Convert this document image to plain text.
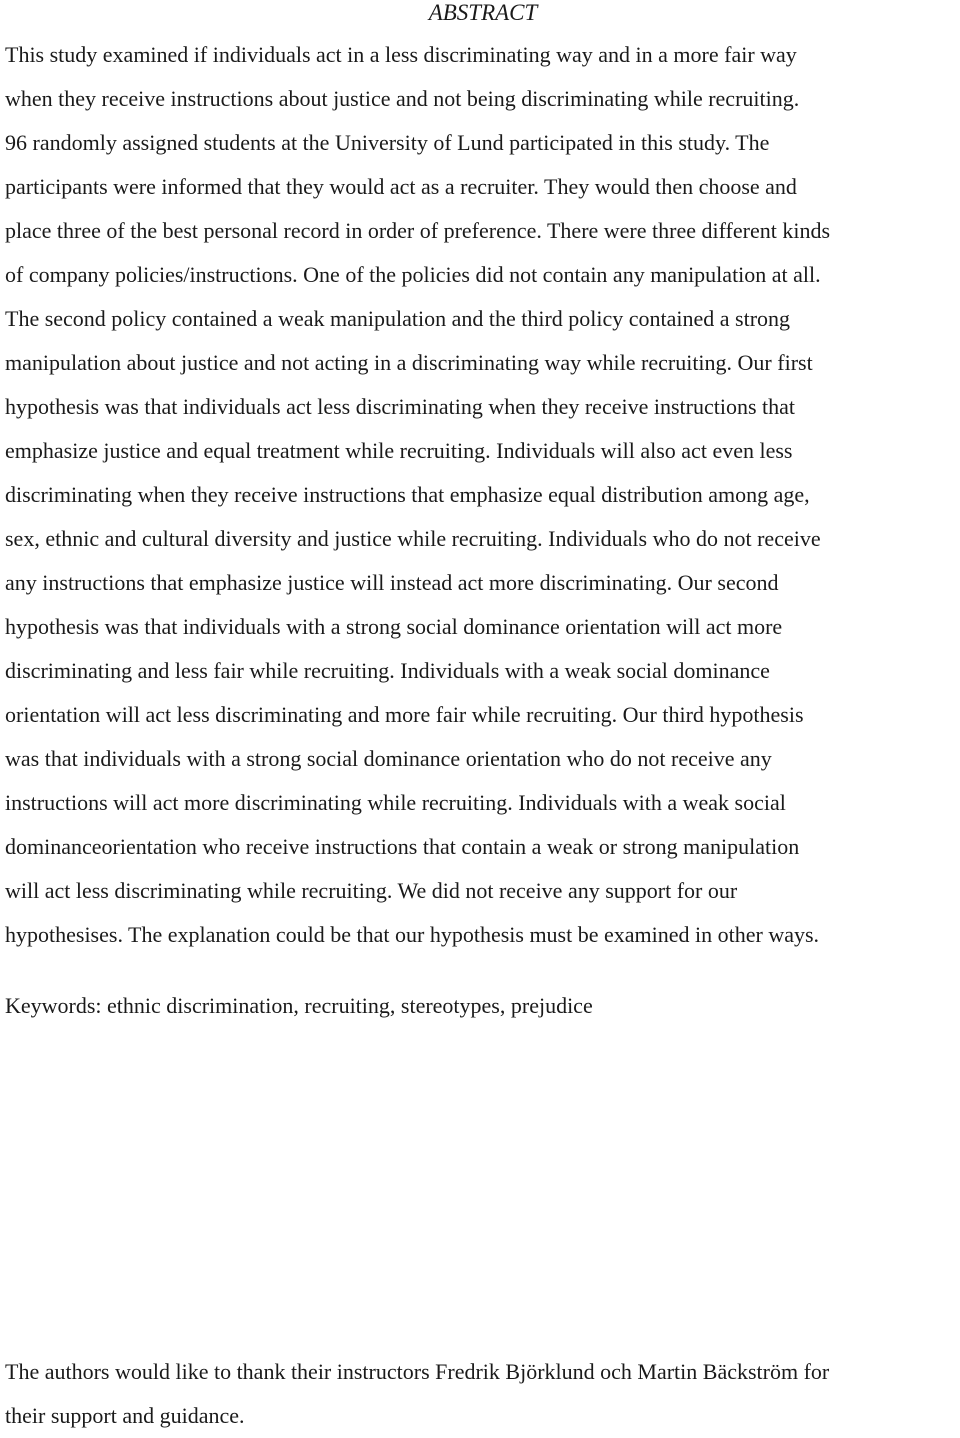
ABSTRACT

This study examined if individuals act in a less discriminating way and in a more fair way
when they receive instructions about justice and not being discriminating while recruiting.
96 randomly assigned students at the University of Lund participated in this study. The
participants were informed that they would act as a recruiter. They would then choose and
place three of the best personal record in order of preference. There were three different kinds
of company policies/instructions. One of the policies did not contain any manipulation at all.
The second policy contained a weak manipulation and the third policy contained a strong
manipulation about justice and not acting in a discriminating way while recruiting. Our first
hypothesis was that individuals act less discriminating when they receive instructions that
emphasize justice and equal treatment while recruiting. Individuals will also act even less
discriminating when they receive instructions that emphasize equal distribution among age,
sex, ethnic and cultural diversity and justice while recruiting. Individuals who do not receive
any instructions that emphasize justice will instead act more discriminating. Our second
hypothesis was that individuals with a strong social dominance orientation will act more
discriminating and less fair while recruiting. Individuals with a weak social dominance
orientation will act less discriminating and more fair while recruiting. Our third hypothesis
was that individuals with a strong social dominance orientation who do not receive any
instructions will act more discriminating while recruiting. Individuals with a weak social
dominanceorientation who receive instructions that contain a weak or strong manipulation
will act less discriminating while recruiting. We did not receive any support for our
hypothesises. The explanation could be that our hypothesis must be examined in other ways.

Keywords: ethnic discrimination, recruiting, stereotypes, prejudice

The authors would like to thank their instructors Fredrik Björklund och Martin Bäckström for
their support and guidance.
